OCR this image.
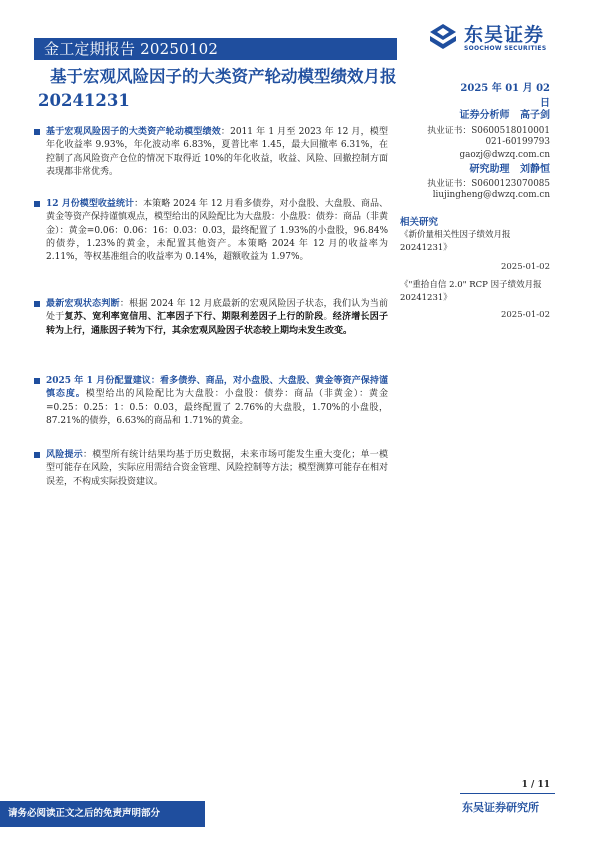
金工定期报告 20250102
东吴证券
SOOCHOW SECURITIES
基于宏观风险因子的大类资产轮动模型绩效月报 20241231

基于宏观风险因子的大类资产轮动模型绩效：2011 年 1 月至 2023 年 12 月，模型年化收益率 9.93%，年化波动率 6.83%，夏普比率 1.45，最大回撤率 6.31%，在控制了高风险资产仓位的情况下取得近 10%的年化收益，收益、风险、回撤控制方面表现都非常优秀。

12 月份模型收益统计：本策略 2024 年 12 月看多债券，对小盘股、大盘股、商品、黄金等资产保持谨慎观点，模型给出的风险配比为大盘股：小盘股：债券：商品（非黄金）：黄金=0.06：0.06：16：0.03：0.03，最终配置了 1.93%的小盘股，96.84%的债券，1.23%的黄金，未配置其他资产。本策略 2024 年 12 月的收益率为 2.11%，等权基准组合的收益率为 0.14%，超额收益为 1.97%。

最新宏观状态判断：根据 2024 年 12 月底最新的宏观风险因子状态，我们认为当前处于复苏、宽利率宽信用、汇率因子下行、期限利差因子上行的阶段。经济增长因子转为上行，通胀因子转为下行，其余宏观风险因子状态较上期均未发生改变。

2025 年 1 月份配置建议：看多债券、商品，对小盘股、大盘股、黄金等资产保持谨慎态度。模型给出的风险配比为大盘股：小盘股：债券：商品（非黄金）：黄金=0.25：0.25：1：0.5：0.03，最终配置了 2.76%的大盘股，1.70%的小盘股，87.21%的债券，6.63%的商品和 1.71%的黄金。

风险提示：模型所有统计结果均基于历史数据，未来市场可能发生重大变化；单一模型可能存在风险，实际应用需结合资金管理、风险控制等方法；模型测算可能存在相对误差，不构成实际投资建议。

2025 年 01 月 02 日
证券分析师 高子剑
执业证书：S0600518010001
021-60199793
gaozj@dwzq.com.cn
研究助理 刘静恒
执业证书：S0600123070085
liujingheng@dwzq.com.cn
相关研究
《新价量相关性因子绩效月报20241231》
2025-01-02
《"重拾自信 2.0" RCP 因子绩效月报 20241231》
2025-01-02
1 / 11
东吴证券研究所
请务必阅读正文之后的免责声明部分
